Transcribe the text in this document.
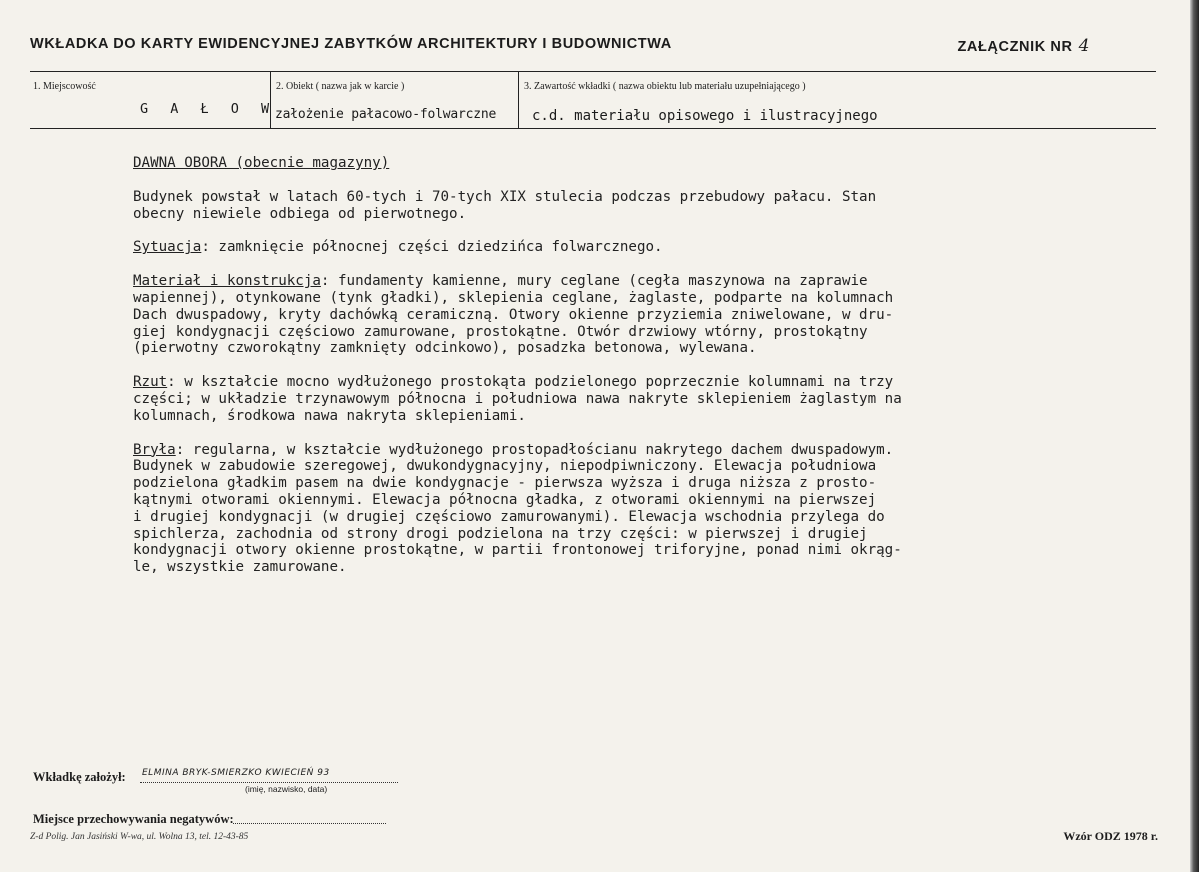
WKŁADKA DO KARTY EWIDENCYJNEJ ZABYTKÓW ARCHITEKTURY I BUDOWNICTWA	ZAŁĄCZNIK NR 4
1. Miejscowość
G A Ł O W
2. Obiekt ( nazwa jak w karcie )
założenie pałacowo-folwarczne
3. Zawartość wkładki ( nazwa obiektu lub materiału uzupełniającego )
c.d. materiału opisowego i ilustracyjnego

DAWNA OBORA (obecnie magazyny)

Budynek powstał w latach 60-tych i 70-tych XIX stulecia podczas przebudowy pałacu. Stan
obecny niewiele odbiega od pierwotnego.

Sytuacja: zamknięcie północnej części dziedzińca folwarcznego.

Materiał i konstrukcja: fundamenty kamienne, mury ceglane (cegła maszynowa na zaprawie
wapiennej), otynkowane (tynk gładki), sklepienia ceglane, żaglaste, podparte na kolumnach
Dach dwuspadowy, kryty dachówką ceramiczną. Otwory okienne przyziemia zniwelowane, w dru-
giej kondygnacji częściowo zamurowane, prostokątne. Otwór drzwiowy wtórny, prostokątny
(pierwotny czworokątny zamknięty odcinkowo), posadzka betonowa, wylewana.

Rzut: w kształcie mocno wydłużonego prostokąta podzielonego poprzecznie kolumnami na trzy
części; w układzie trzynawowym północna i południowa nawa nakryte sklepieniem żaglastym na
kolumnach, środkowa nawa nakryta sklepieniami.

Bryła: regularna, w kształcie wydłużonego prostopadłościanu nakrytego dachem dwuspadowym.
Budynek w zabudowie szeregowej, dwukondygnacyjny, niepodpiwniczony. Elewacja południowa
podzielona gładkim pasem na dwie kondygnacje - pierwsza wyższa i druga niższa z prosto-
kątnymi otworami okiennymi. Elewacja północna gładka, z otworami okiennymi na pierwszej
i drugiej kondygnacji (w drugiej częściowo zamurowanymi). Elewacja wschodnia przylega do
spichlerza, zachodnia od strony drogi podzielona na trzy części: w pierwszej i drugiej
kondygnacji otwory okienne prostokątne, w partii frontonowej triforyjne, ponad nimi okrąg-
le, wszystkie zamurowane.

Wkładkę założył: ELMINA BRYK-SMIERZKO KWIECIEŃ 93
(imię, nazwisko, data)
Miejsce przechowywania negatywów:
Z-d Polig. Jan Jasiński W-wa, ul. Wolna 13, tel. 12-43-85	Wzór ODZ 1978 r.
